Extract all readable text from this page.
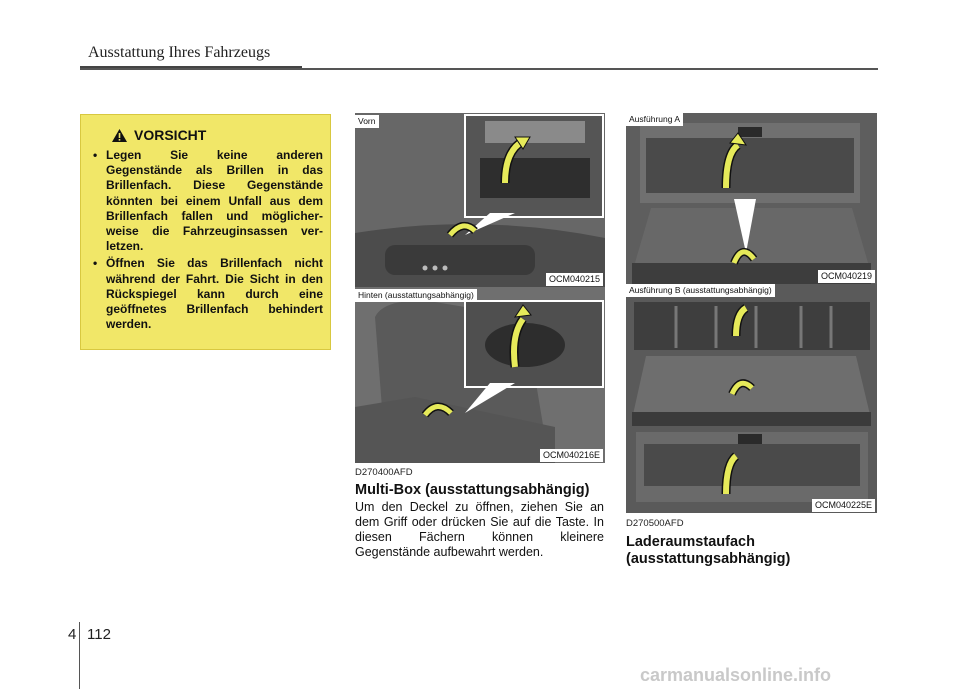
Ausstattung Ihres Fahrzeugs
VORSICHT
• Legen Sie keine anderen Gegenstände als Brillen in das Brillenfach. Diese Gegenstände könnten bei einem Unfall aus dem Brillenfach fallen und möglicher-weise die Fahrzeuginsassen ver-letzen.
• Öffnen Sie das Brillenfach nicht während der Fahrt. Die Sicht in den Rückspiegel kann durch eine geöffnetes Brillenfach behindert werden.
Vorn
OCM040215
Hinten (ausstattungsabhängig)
OCM040216E
D270400AFD
Multi-Box (ausstattungsabhängig)
Um den Deckel zu öffnen, ziehen Sie an dem Griff oder drücken Sie auf die Taste. In diesen Fächern können kleinere Gegenstände aufbewahrt werden.
Ausführung A
OCM040219
Ausführung B (ausstattungsabhängig)
OCM040225E
D270500AFD
Laderaumstaufach
(ausstattungsabhängig)
4 112
carmanualsonline.info
